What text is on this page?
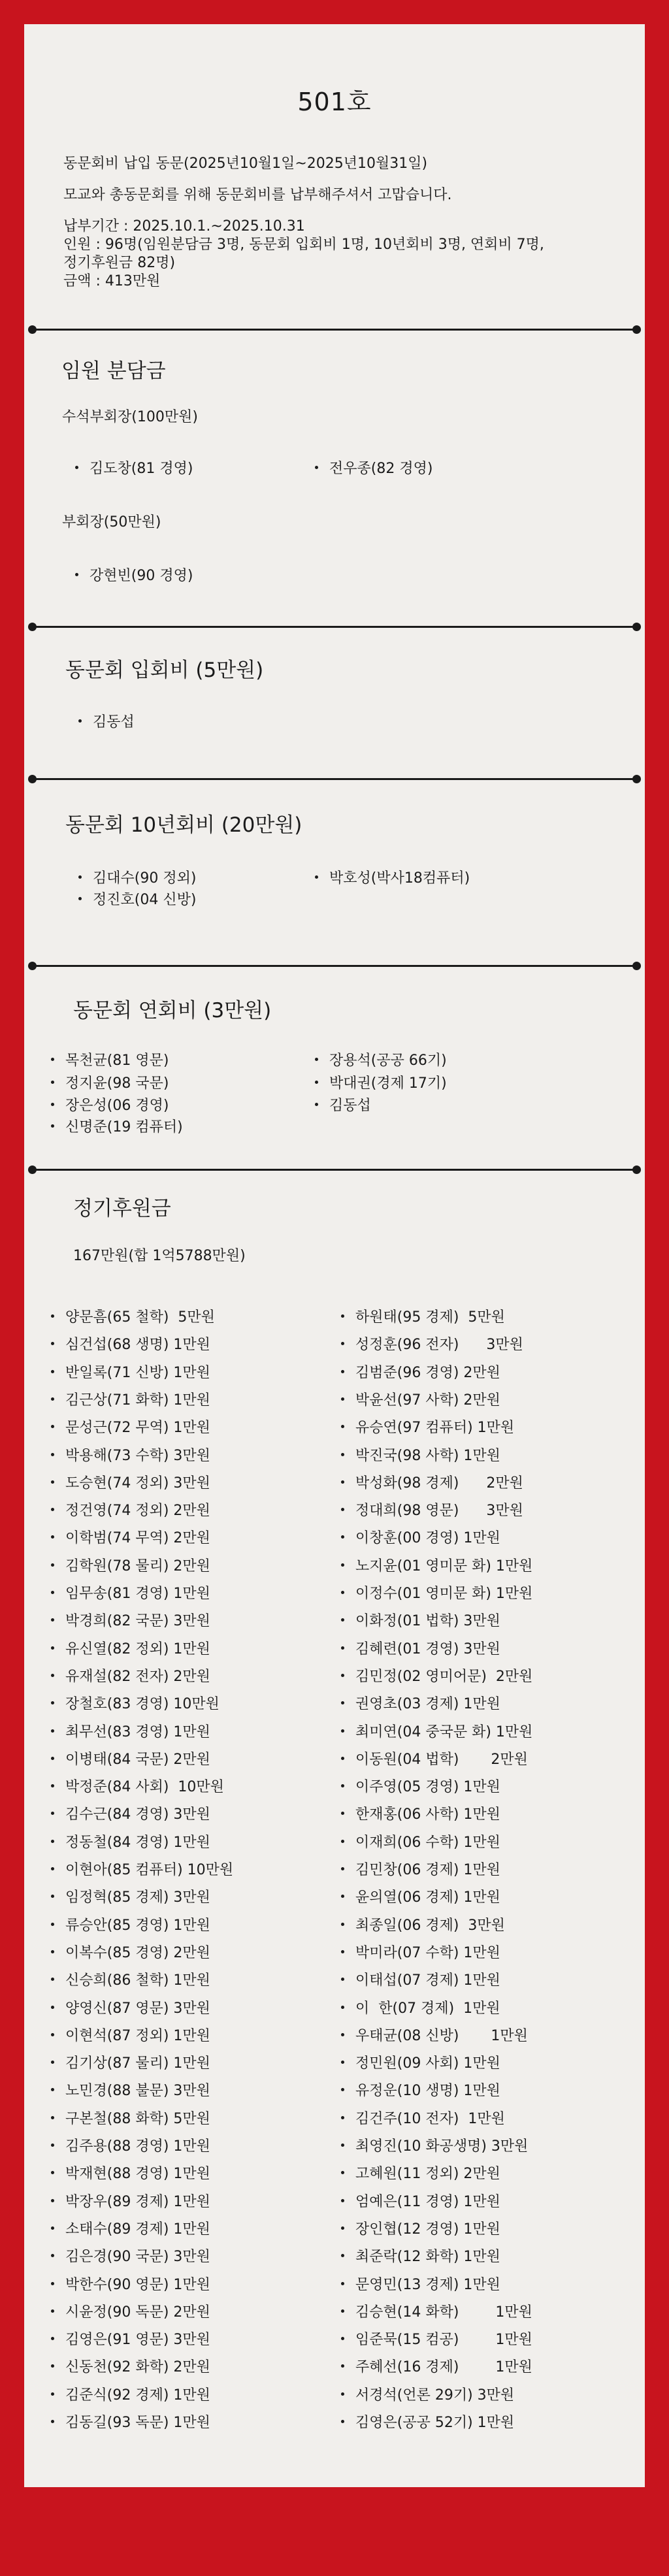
501호

동문회비 납입 동문(2025년10월1일~2025년10월31일)

모교와 총동문회를 위해 동문회비를 납부해주셔서 고맙습니다.

납부기간 : 2025.10.1.~2025.10.31

인원 : 96명(임원분담금 3명, 동문회 입회비 1명, 10년회비 3명, 연회비 7명,

정기후원금 82명)

금액 : 413만원

임원 분담금
수석부회장(100만원)
김도창(81 경영)	전우종(82 경영)
부회장(50만원)
강현빈(90 경영)
동문회 입회비 (5만원)
김동섭
동문회 10년회비 (20만원)
김대수(90 정외)	박호성(박사18컴퓨터)
정진호(04 신방)
동문회 연회비 (3만원)
목천균(81 영문)	장용석(공공 66기)
정지윤(98 국문)	박대권(경제 17기)
장은성(06 경영)	김동섭
신명준(19 컴퓨터)
정기후원금
167만원(합 1억5788만원)
양문흠(65 철학)  5만원
심건섭(68 생명) 1만원
반일록(71 신방) 1만원
김근상(71 화학) 1만원
문성근(72 무역) 1만원
박용해(73 수학) 3만원
도승현(74 정외) 3만원
정건영(74 정외) 2만원
이학범(74 무역) 2만원
김학원(78 물리) 2만원
임무송(81 경영) 1만원
박경희(82 국문) 3만원
유신열(82 정외) 1만원
유재설(82 전자) 2만원
장철호(83 경영) 10만원
최무선(83 경영) 1만원
이병태(84 국문) 2만원
박정준(84 사회)  10만원
김수근(84 경영) 3만원
정동철(84 경영) 1만원
이현아(85 컴퓨터) 10만원
임정혁(85 경제) 3만원
류승안(85 경영) 1만원
이복수(85 경영) 2만원
신승희(86 철학) 1만원
양영신(87 영문) 3만원
이현석(87 정외) 1만원
김기상(87 물리) 1만원
노민경(88 불문) 3만원
구본철(88 화학) 5만원
김주용(88 경영) 1만원
박재현(88 경영) 1만원
박장우(89 경제) 1만원
소태수(89 경제) 1만원
김은경(90 국문) 3만원
박한수(90 영문) 1만원
시윤정(90 독문) 2만원
김영은(91 영문) 3만원
신동천(92 화학) 2만원
김준식(92 경제) 1만원
김동길(93 독문) 1만원
하원태(95 경제)  5만원
성정훈(96 전자)      3만원
김범준(96 경영) 2만원
박윤선(97 사학) 2만원
유승연(97 컴퓨터) 1만원
박진국(98 사학) 1만원
박성화(98 경제)      2만원
정대희(98 영문)      3만원
이창훈(00 경영) 1만원
노지윤(01 영미문 화) 1만원
이정수(01 영미문 화) 1만원
이화정(01 법학) 3만원
김혜련(01 경영) 3만원
김민정(02 영미어문)  2만원
권영초(03 경제) 1만원
최미연(04 중국문 화) 1만원
이동원(04 법학)       2만원
이주영(05 경영) 1만원
한재홍(06 사학) 1만원
이재희(06 수학) 1만원
김민창(06 경제) 1만원
윤의열(06 경제) 1만원
최종일(06 경제)  3만원
박미라(07 수학) 1만원
이태섭(07 경제) 1만원
이  한(07 경제)  1만원
우태균(08 신방)       1만원
정민원(09 사회) 1만원
유정운(10 생명) 1만원
김건주(10 전자)  1만원
최영진(10 화공생명) 3만원
고혜원(11 정외) 2만원
엄예은(11 경영) 1만원
장인협(12 경영) 1만원
최준락(12 화학) 1만원
문영민(13 경제) 1만원
김승현(14 화학)        1만원
임준묵(15 컴공)        1만원
주혜선(16 경제)        1만원
서경석(언론 29기) 3만원
김영은(공공 52기) 1만원
